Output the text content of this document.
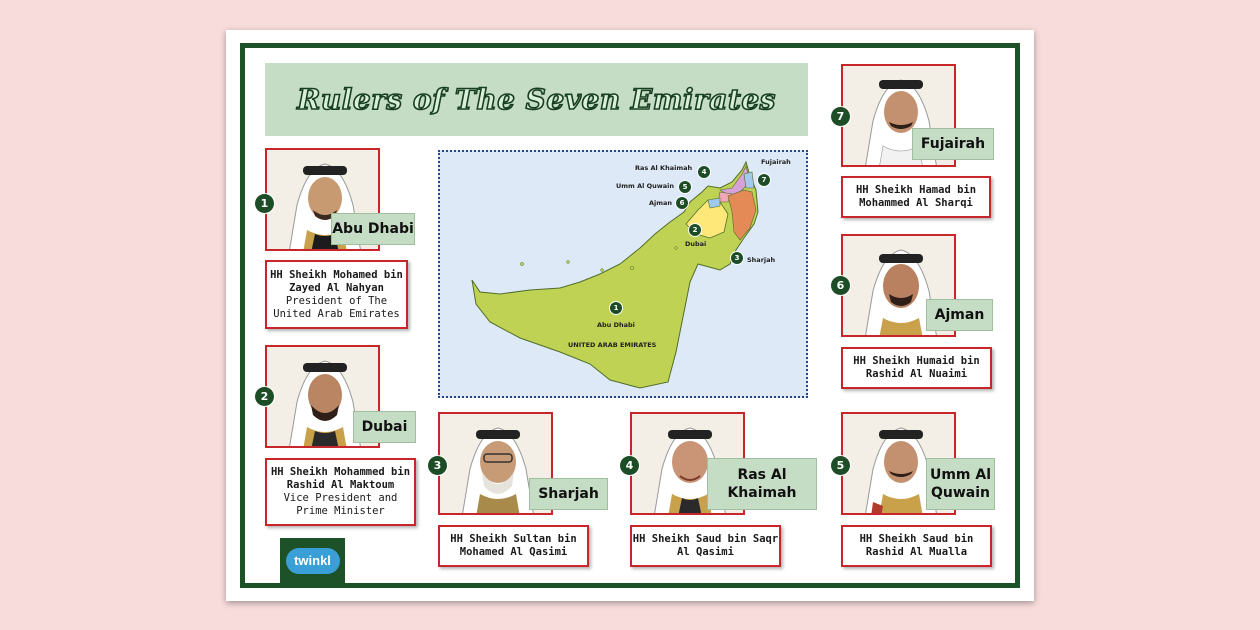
Rulers of The Seven Emirates
1
Abu Dhabi
UNITED ARAB EMIRATES
2
Dubai
3	Sharjah
4
Ras Al Khaimah
5
Umm Al Quwain
6
Ajman
7
Fujairah
1
Abu Dhabi
HH Sheikh Mohamed bin Zayed Al Nahyan
President of The United Arab Emirates
2
Dubai
HH Sheikh Mohammed bin Rashid Al Maktoum
Vice President and Prime Minister
3
Sharjah
HH Sheikh Sultan bin Mohamed Al Qasimi
4
Ras Al Khaimah
HH Sheikh Saud bin Saqr Al Qasimi
5
Umm Al Quwain
HH Sheikh Saud bin Rashid Al Mualla
6
Ajman
HH Sheikh Humaid bin Rashid Al Nuaimi
7
Fujairah
HH Sheikh Hamad bin Mohammed Al Sharqi
twinkl
